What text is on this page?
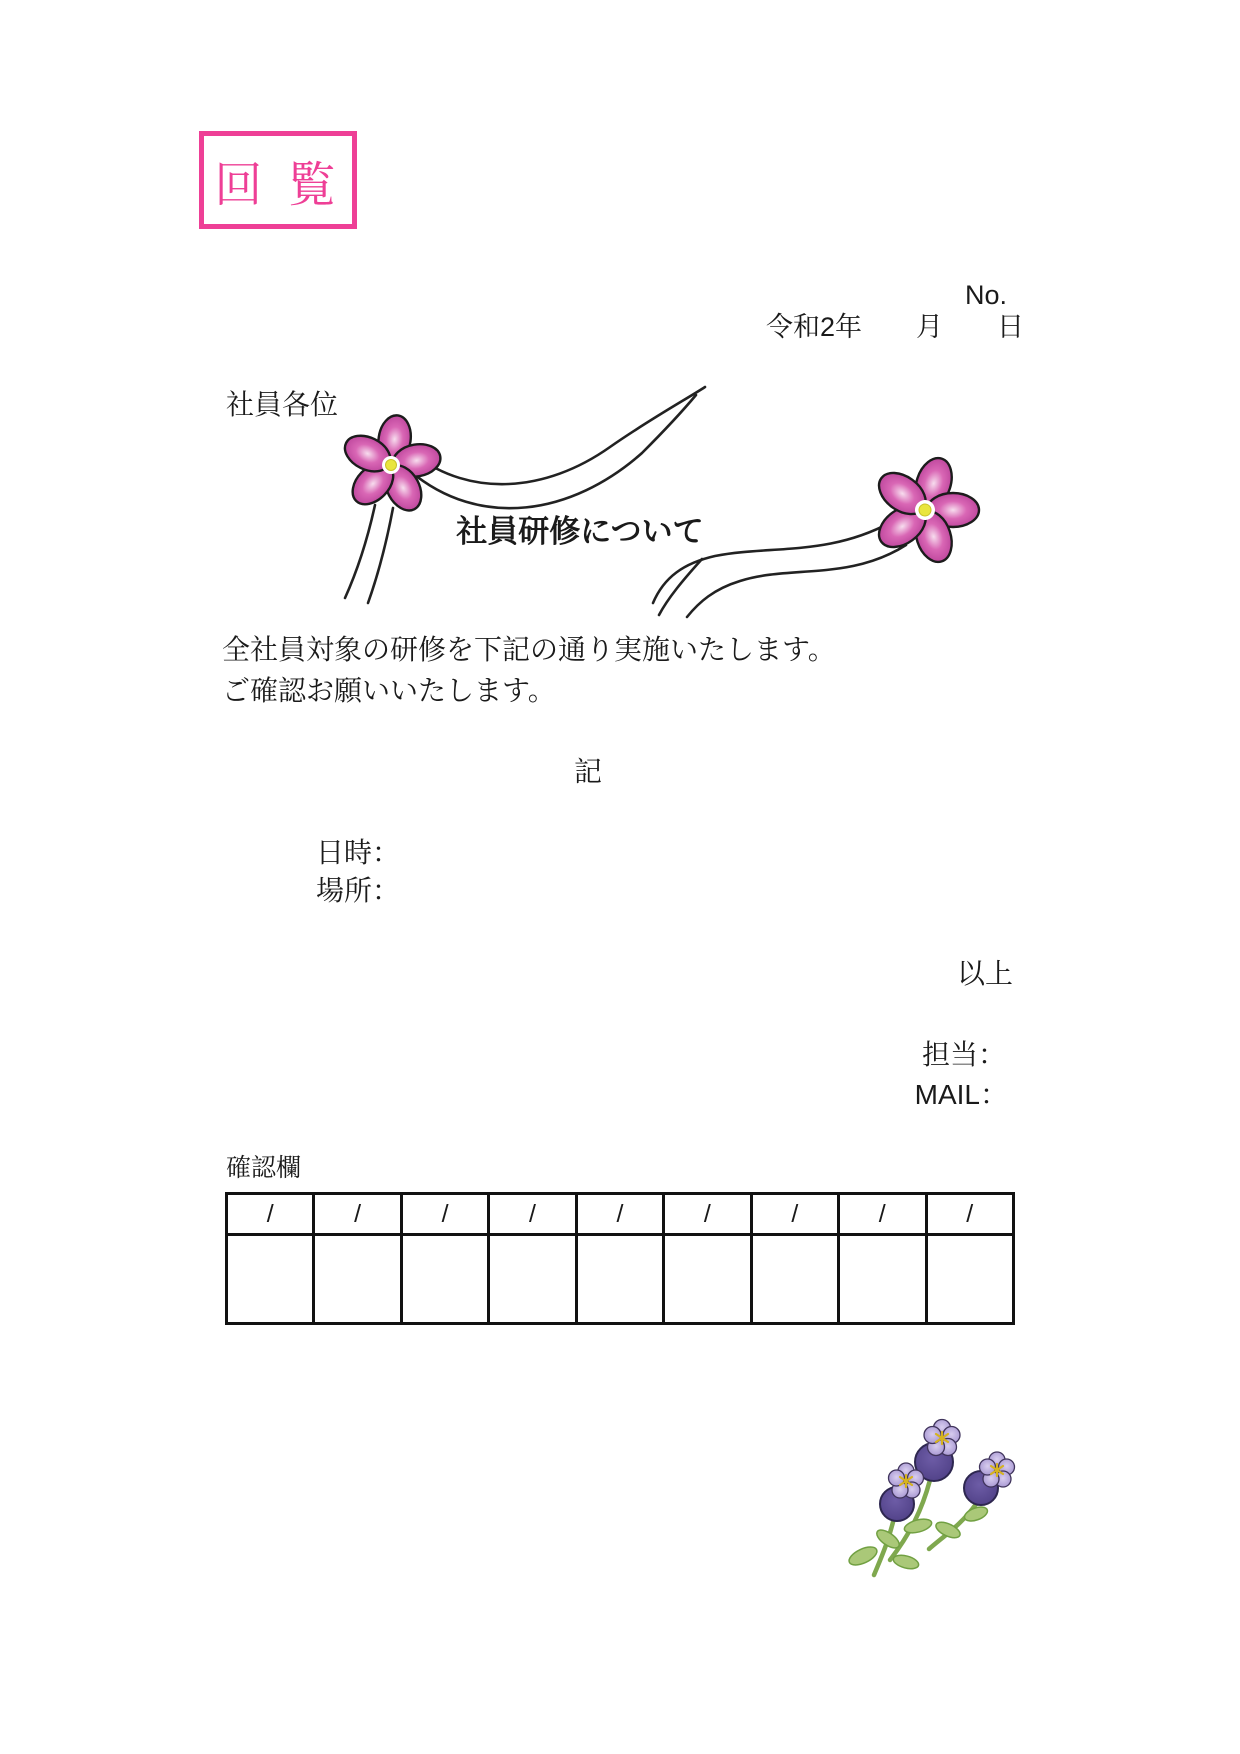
回 覧
No.
令和2年　　月　　日
社員各位
社員研修について
全社員対象の研修を下記の通り実施いたします。
ご確認お願いいたします。
記
日時：
場所：
以上
担当：
MAIL：
確認欄
/	/	/	/	/	/	/	/	/
